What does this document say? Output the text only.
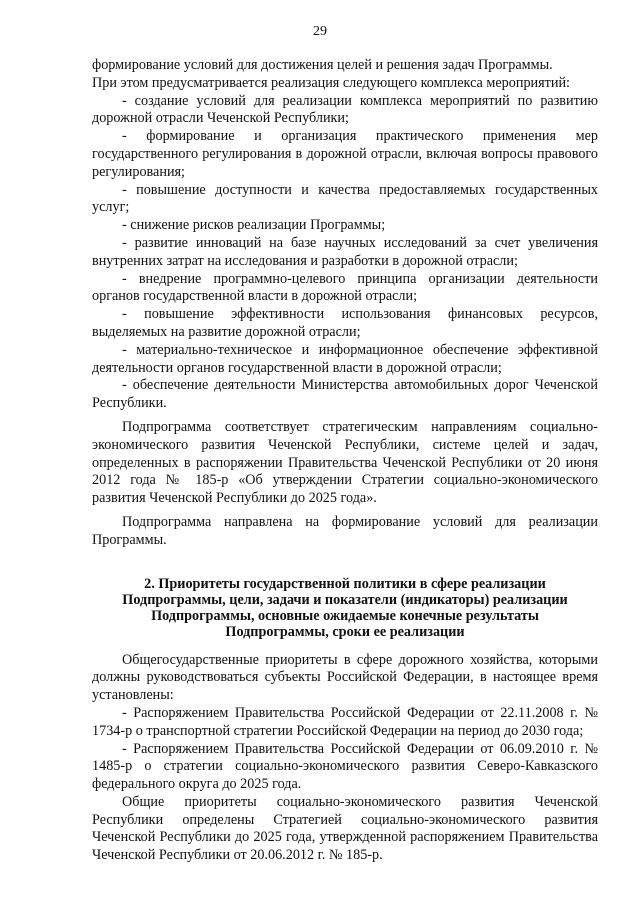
29

формирование условий для достижения целей и решения задач Программы.

При этом предусматривается реализация следующего комплекса мероприятий:

- создание условий для реализации комплекса мероприятий по развитию дорожной отрасли Чеченской Республики;

- формирование и организация практического применения мер государственного регулирования в дорожной отрасли, включая вопросы правового регулирования;

- повышение доступности и качества предоставляемых государственных услуг;

- снижение рисков реализации Программы;

- развитие инноваций на базе научных исследований за счет увеличения внутренних затрат на исследования и разработки в дорожной отрасли;

- внедрение программно-целевого принципа организации деятельности органов государственной власти в дорожной отрасли;

- повышение эффективности использования финансовых ресурсов, выделяемых на развитие дорожной отрасли;

- материально-техническое и информационное обеспечение эффективной деятельности органов государственной власти в дорожной отрасли;

- обеспечение деятельности Министерства автомобильных дорог Чеченской Республики.

Подпрограмма соответствует стратегическим направлениям социально-экономического развития Чеченской Республики, системе целей и задач, определенных в распоряжении Правительства Чеченской Республики от 20 июня 2012 года № 185-р «Об утверждении Стратегии социально-экономического развития Чеченской Республики до 2025 года».

Подпрограмма направлена на формирование условий для реализации Программы.

2. Приоритеты государственной политики в сфере реализации Подпрограммы, цели, задачи и показатели (индикаторы) реализации Подпрограммы, основные ожидаемые конечные результаты Подпрограммы, сроки ее реализации

Общегосударственные приоритеты в сфере дорожного хозяйства, которыми должны руководствоваться субъекты Российской Федерации, в настоящее время установлены:

- Распоряжением Правительства Российской Федерации от 22.11.2008 г. № 1734-р о транспортной стратегии Российской Федерации на период до 2030 года;

- Распоряжением Правительства Российской Федерации от 06.09.2010 г. № 1485-р о стратегии социально-экономического развития Северо-Кавказского федерального округа до 2025 года.

Общие приоритеты социально-экономического развития Чеченской Республики определены Стратегией социально-экономического развития Чеченской Республики до 2025 года, утвержденной распоряжением Правительства Чеченской Республики от 20.06.2012 г. № 185-р.
